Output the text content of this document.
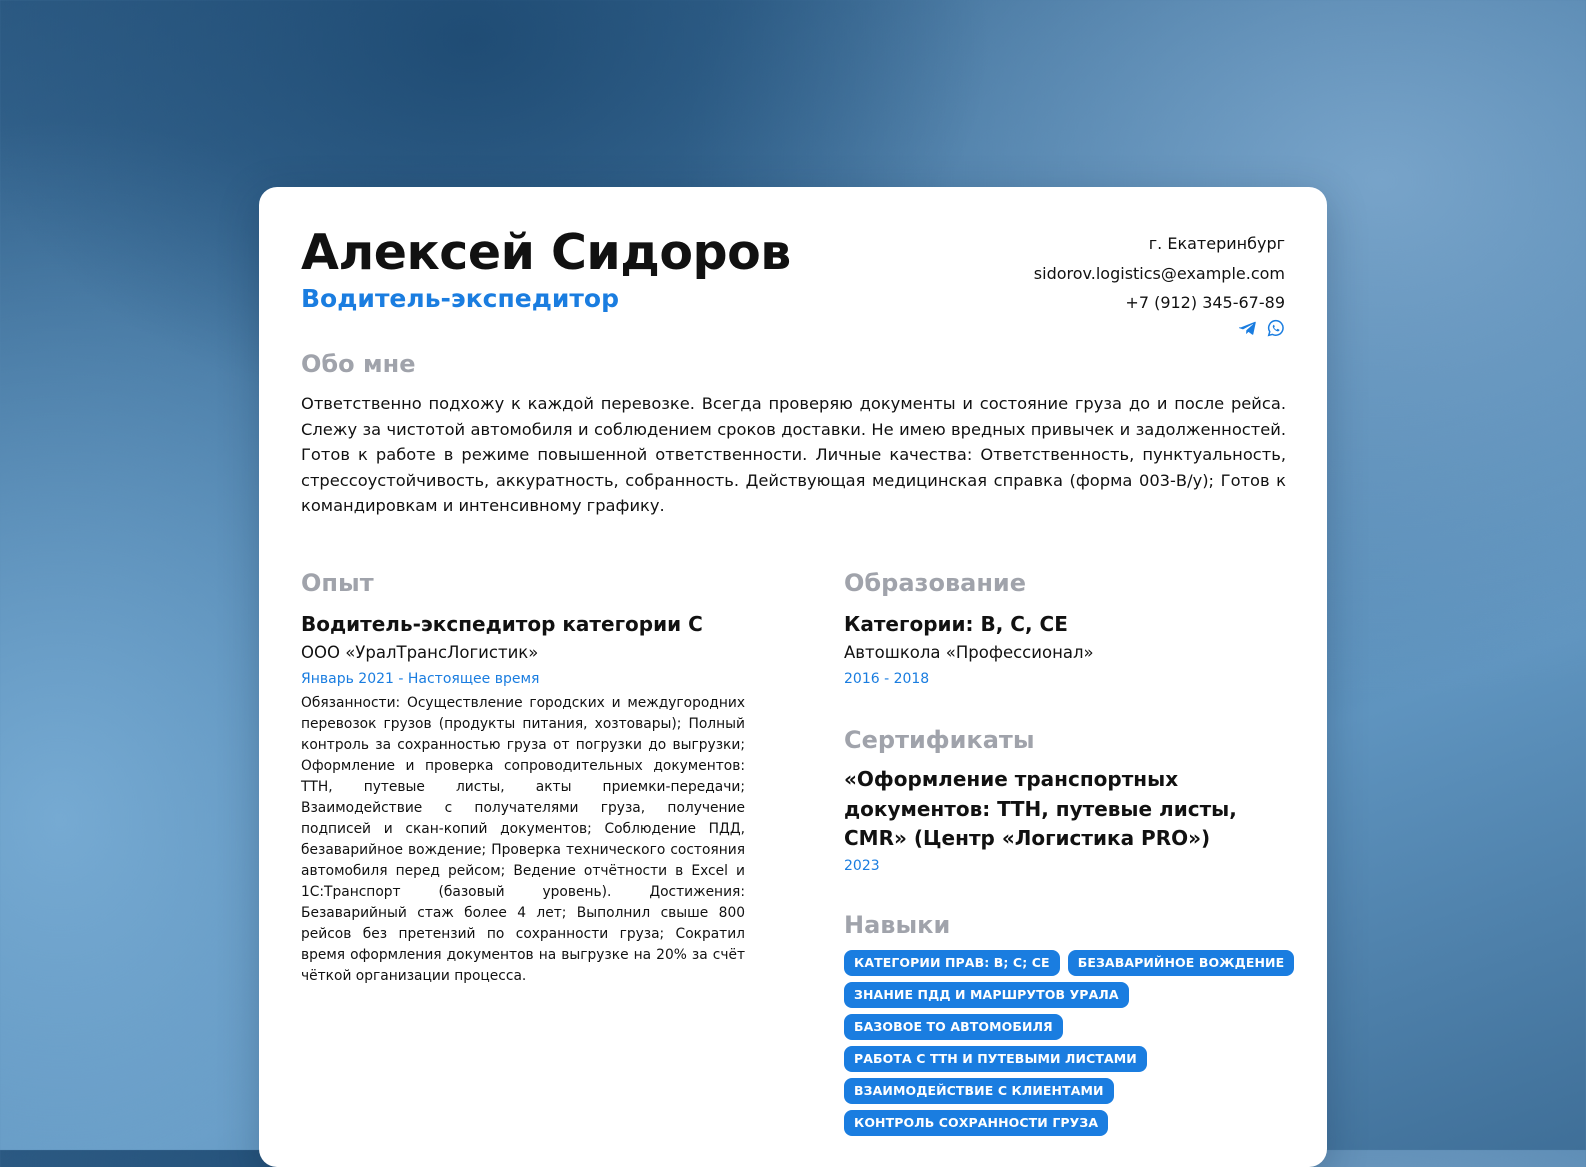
Алексей Сидоров
Водитель-экспедитор
г. Екатеринбург
sidorov.logistics@example.com
+7 (912) 345-67-89
Обо мне

Ответственно подхожу к каждой перевозке. Всегда проверяю документы и состояние груза до и после рейса. Слежу за чистотой автомобиля и соблюдением сроков доставки. Не имею вредных привычек и задолженностей. Готов к работе в режиме повышенной ответственности. Личные качества: Ответственность, пунктуальность, стрессоустойчивость, аккуратность, собранность. Действующая медицинская справка (форма 003-В/у); Готов к командировкам и интенсивному графику.

Опыт

Водитель-экспедитор категории С

ООО «УралТрансЛогистик»

Январь 2021 - Настоящее время

Обязанности: Осуществление городских и междугородних перевозок грузов (продукты питания, хозтовары); Полный контроль за сохранностью груза от погрузки до выгрузки; Оформление и проверка сопроводительных документов: ТТН, путевые листы, акты приемки-передачи; Взаимодействие с получателями груза, получение подписей и скан-копий документов; Соблюдение ПДД, безаварийное вождение; Проверка технического состояния автомобиля перед рейсом; Ведение отчётности в Excel и 1С:Транспорт (базовый уровень). Достижения: Безаварийный стаж более 4 лет; Выполнил свыше 800 рейсов без претензий по сохранности груза; Сократил время оформления документов на выгрузке на 20% за счёт чёткой организации процесса.

Образование

Категории: В, С, СЕ

Автошкола «Профессионал»

2016 - 2018

Сертификаты

«Оформление транспортных документов: ТТН, путевые листы, CMR» (Центр «Логистика PRO»)

2023

Навыки
КАТЕГОРИИ ПРАВ: В; С; СЕ	БЕЗАВАРИЙНОЕ ВОЖДЕНИЕ
ЗНАНИЕ ПДД И МАРШРУТОВ УРАЛА
БАЗОВОЕ ТО АВТОМОБИЛЯ
РАБОТА С ТТН И ПУТЕВЫМИ ЛИСТАМИ
ВЗАИМОДЕЙСТВИЕ С КЛИЕНТАМИ
КОНТРОЛЬ СОХРАННОСТИ ГРУЗА
